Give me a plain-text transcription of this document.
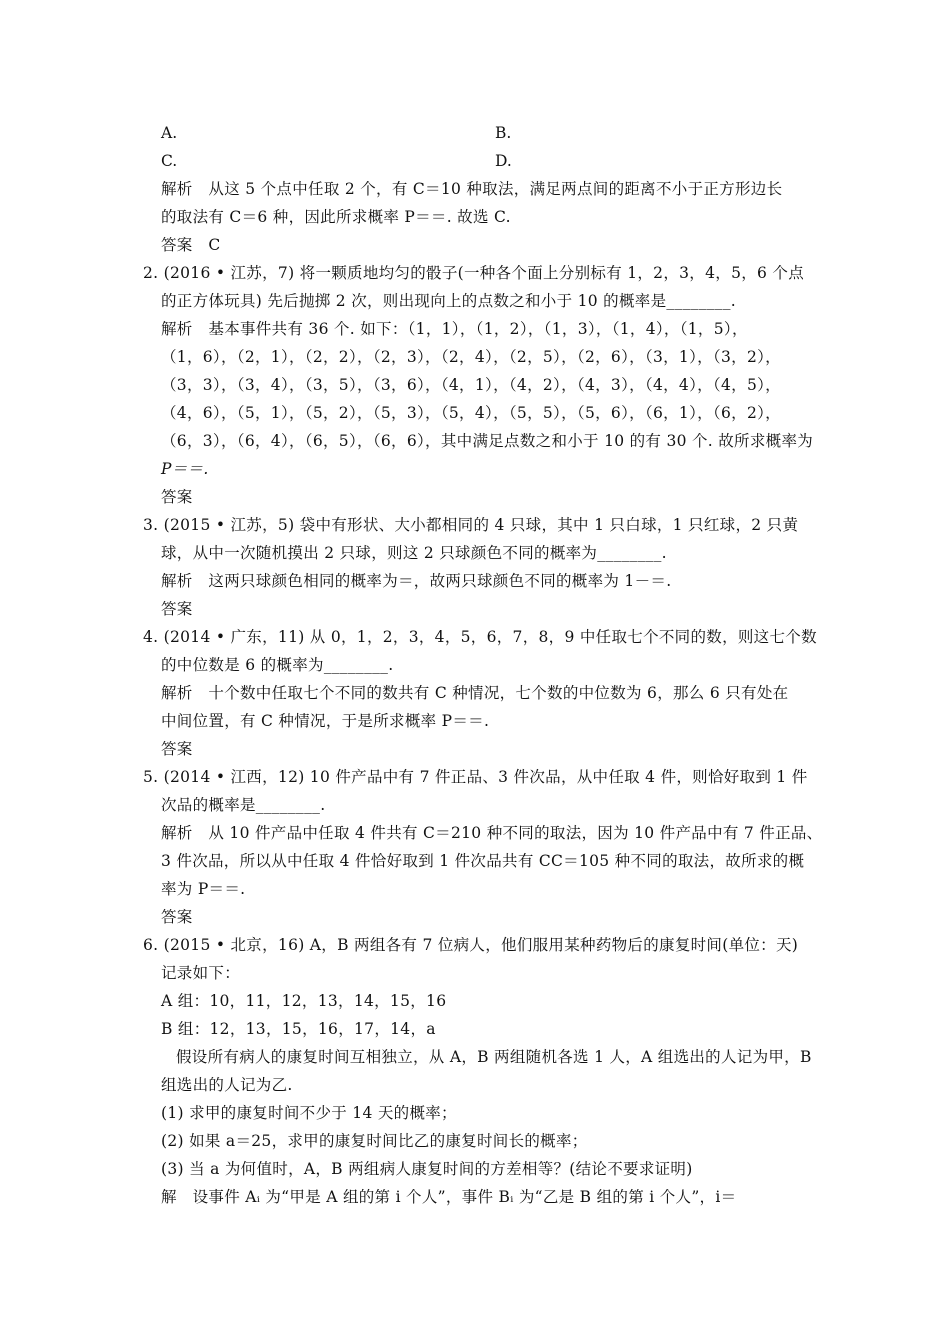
A.	B.
C.	D.
解析　从这 5 个点中任取 2 个，有 C＝10 种取法，满足两点间的距离不小于正方形边长
的取法有 C＝6 种，因此所求概率 P＝＝. 故选 C.
答案　C
2. (2016 • 江苏，7) 将一颗质地均匀的骰子(一种各个面上分别标有 1，2，3，4，5，6 个点
的正方体玩具) 先后抛掷 2 次，则出现向上的点数之和小于 10 的概率是________.
解析　基本事件共有 36 个. 如下：（1，1），（1，2），（1，3），（1，4），（1，5），
（1，6），（2，1），（2，2），（2，3），（2，4），（2，5），（2，6），（3，1），（3，2），
（3，3），（3，4），（3，5），（3，6），（4，1），（4，2），（4，3），（4，4），（4，5），
（4，6），（5，1），（5，2），（5，3），（5，4），（5，5），（5，6），（6，1），（6，2），
（6，3），（6，4），（6，5），（6，6），其中满足点数之和小于 10 的有 30 个. 故所求概率为
P＝＝.
答案
3. (2015 • 江苏，5) 袋中有形状、大小都相同的 4 只球，其中 1 只白球，1 只红球，2 只黄
球，从中一次随机摸出 2 只球，则这 2 只球颜色不同的概率为________.
解析　这两只球颜色相同的概率为＝，故两只球颜色不同的概率为 1－＝.
答案
4. (2014 • 广东，11) 从 0，1，2，3，4，5，6，7，8，9 中任取七个不同的数，则这七个数
的中位数是 6 的概率为________.
解析　十个数中任取七个不同的数共有 C 种情况，七个数的中位数为 6，那么 6 只有处在
中间位置，有 C 种情况，于是所求概率 P＝＝.
答案
5. (2014 • 江西，12) 10 件产品中有 7 件正品、3 件次品，从中任取 4 件，则恰好取到 1 件
次品的概率是________.
解析　从 10 件产品中任取 4 件共有 C＝210 种不同的取法，因为 10 件产品中有 7 件正品、
3 件次品，所以从中任取 4 件恰好取到 1 件次品共有 CC＝105 种不同的取法，故所求的概
率为 P＝＝.
答案
6. (2015 • 北京，16) A，B 两组各有 7 位病人，他们服用某种药物后的康复时间(单位：天)
记录如下：
A 组：10，11，12，13，14，15，16
B 组：12，13，15，16，17，14，a
假设所有病人的康复时间互相独立，从 A，B 两组随机各选 1 人，A 组选出的人记为甲，B
组选出的人记为乙.
(1) 求甲的康复时间不少于 14 天的概率；
(2) 如果 a＝25，求甲的康复时间比乙的康复时间长的概率；
(3) 当 a 为何值时，A，B 两组病人康复时间的方差相等？(结论不要求证明)
解　设事件 Aᵢ 为“甲是 A 组的第 i 个人”，事件 Bᵢ 为“乙是 B 组的第 i 个人”，i＝
